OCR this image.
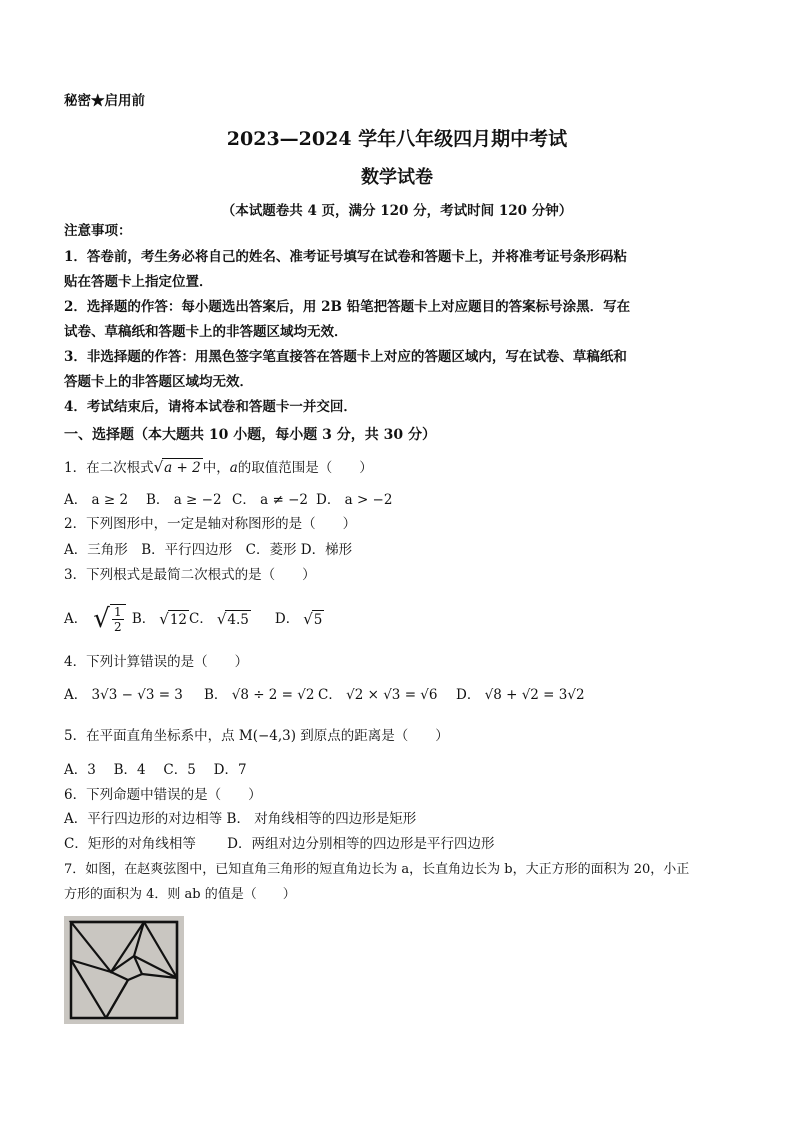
秘密★启用前
2023—2024 学年八年级四月期中考试
数学试卷
（本试题卷共 4 页，满分 120 分，考试时间 120 分钟）
注意事项：
1．答卷前，考生务必将自己的姓名、准考证号填写在试卷和答题卡上，并将准考证号条形码粘
贴在答题卡上指定位置．
2．选择题的作答：每小题选出答案后，用 2B 铅笔把答题卡上对应题目的答案标号涂黑．写在
试卷、草稿纸和答题卡上的非答题区域均无效．
3．非选择题的作答：用黑色签字笔直接答在答题卡上对应的答题区域内，写在试卷、草稿纸和
答题卡上的非答题区域均无效．
4．考试结束后，请将本试卷和答题卡一并交回．
一、选择题（本大题共 10 小题，每小题 3 分，共 30 分）
1．在二次根式√a + 2 中，a的取值范围是（　　）
A． a ≥ 2 B． a ≥ −2 C． a ≠ −2 D． a > −2
2．下列图形中，一定是轴对称图形的是（　　）
A．三角形　B．平行四边形　C．菱形 D．梯形
3．下列根式是最简二次根式的是（　　）
A． √ $\frac{1}{2}$ B． √ 12 C． √ 4.5 D． √ 5
4．下列计算错误的是（　　）
A． 3√3 − √3 = 3 B． √8 ÷ 2 = √2 C． √2 × √3 = √6 D． √8 + √2 = 3√2
5．在平面直角坐标系中，点 M(−4,3) 到原点的距离是（　　）
A．3　 B．4　 C．5　 D．7
6．下列命题中错误的是（　　）
A．平行四边形的对边相等 B． 对角线相等的四边形是矩形
C．矩形的对角线相等　　 D．两组对边分别相等的四边形是平行四边形
7．如图，在赵爽弦图中，已知直角三角形的短直角边长为 a，长直角边长为 b，大正方形的面积为 20，小正
方形的面积为 4．则 ab 的值是（　　）
